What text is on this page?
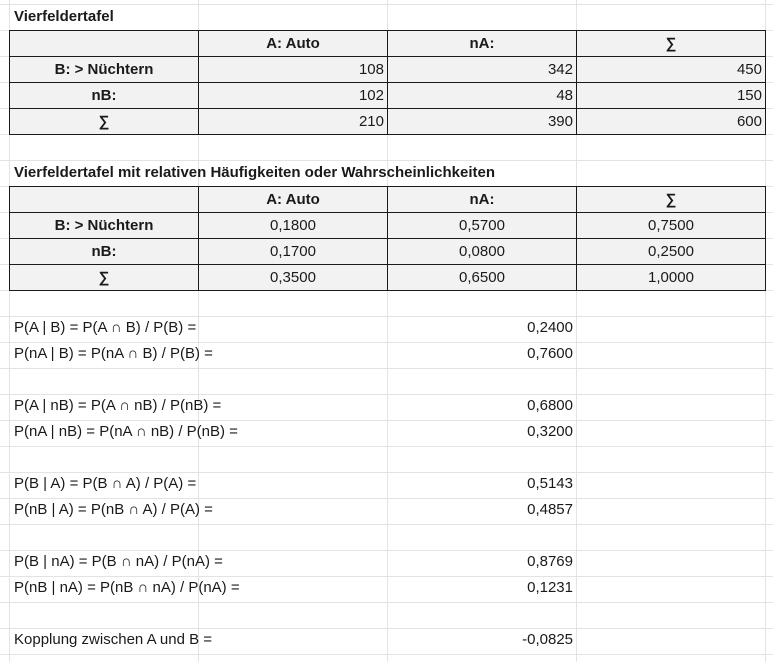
Vierfeldertafel
	A: Auto	nA:	∑
B: > Nüchtern	108	342	450
nB:	102	48	150
∑	210	390	600
Vierfeldertafel mit relativen Häufigkeiten oder Wahrscheinlichkeiten
	A: Auto	nA:	∑
B: > Nüchtern	0,1800	0,5700	0,7500
nB:	0,1700	0,0800	0,2500
∑	0,3500	0,6500	1,0000
P(A | B) = P(A ∩ B) / P(B) =	0,2400
P(nA | B) = P(nA ∩ B) / P(B) =	0,7600
P(A | nB) = P(A ∩ nB) / P(nB) =	0,6800
P(nA | nB) = P(nA ∩ nB) / P(nB) =	0,3200
P(B | A) = P(B ∩ A) / P(A) =	0,5143
P(nB | A) = P(nB ∩ A) / P(A) =	0,4857
P(B | nA) = P(B ∩ nA) / P(nA) =	0,8769
P(nB | nA) = P(nB ∩ nA) / P(nA) =	0,1231
Kopplung zwischen A und B =	-0,0825
